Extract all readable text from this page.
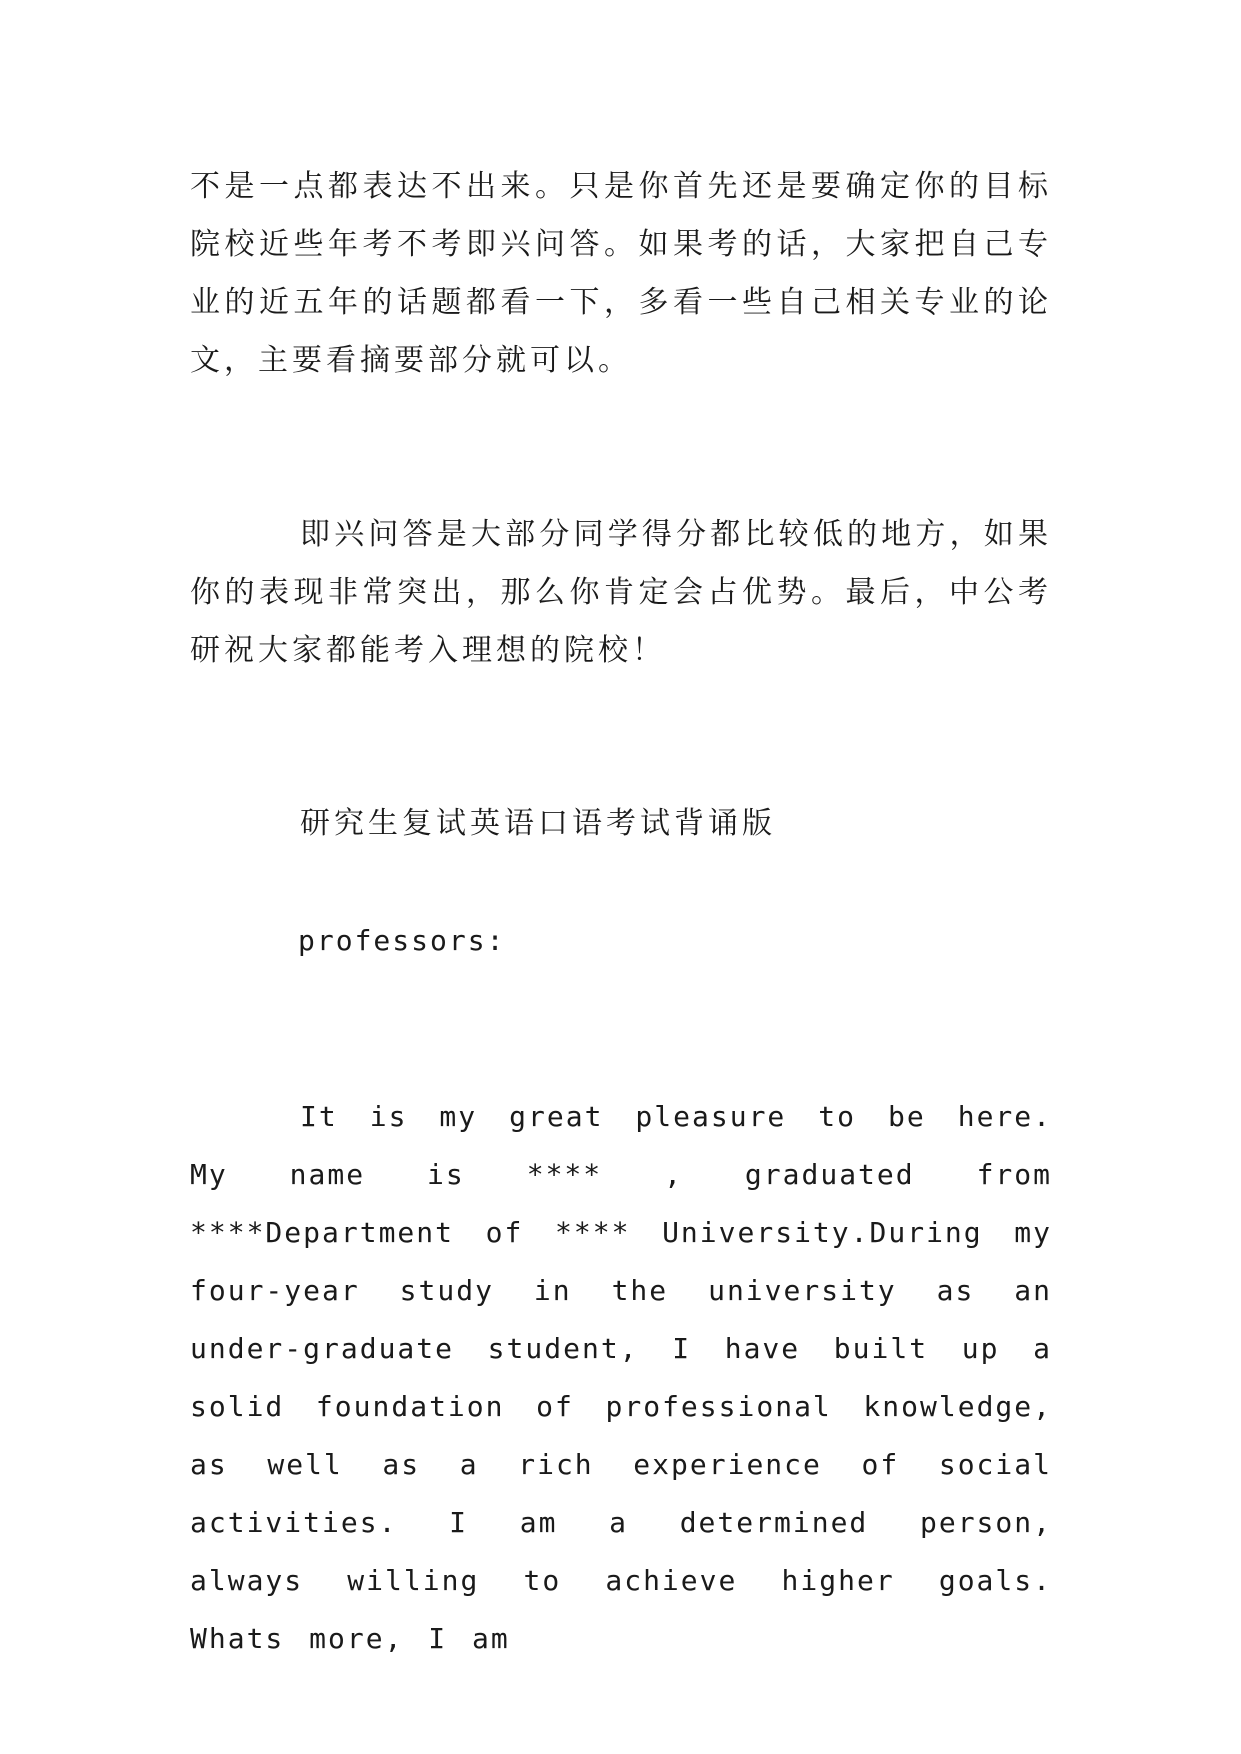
不是一点都表达不出来。只是你首先还是要确定你的目标院校近些年考不考即兴问答。如果考的话，大家把自己专业的近五年的话题都看一下，多看一些自己相关专业的论文，主要看摘要部分就可以。

即兴问答是大部分同学得分都比较低的地方，如果你的表现非常突出，那么你肯定会占优势。最后，中公考研祝大家都能考入理想的院校！

研究生复试英语口语考试背诵版

professors:

It is my great pleasure to be here. My name is **** , graduated from ****Department of **** University.During my four-year study in the university as an under-graduate student, I have built up a solid foundation of professional knowledge, as well as a rich experience of social activities. I am a determined person, always willing to achieve higher goals. Whats more, I am
